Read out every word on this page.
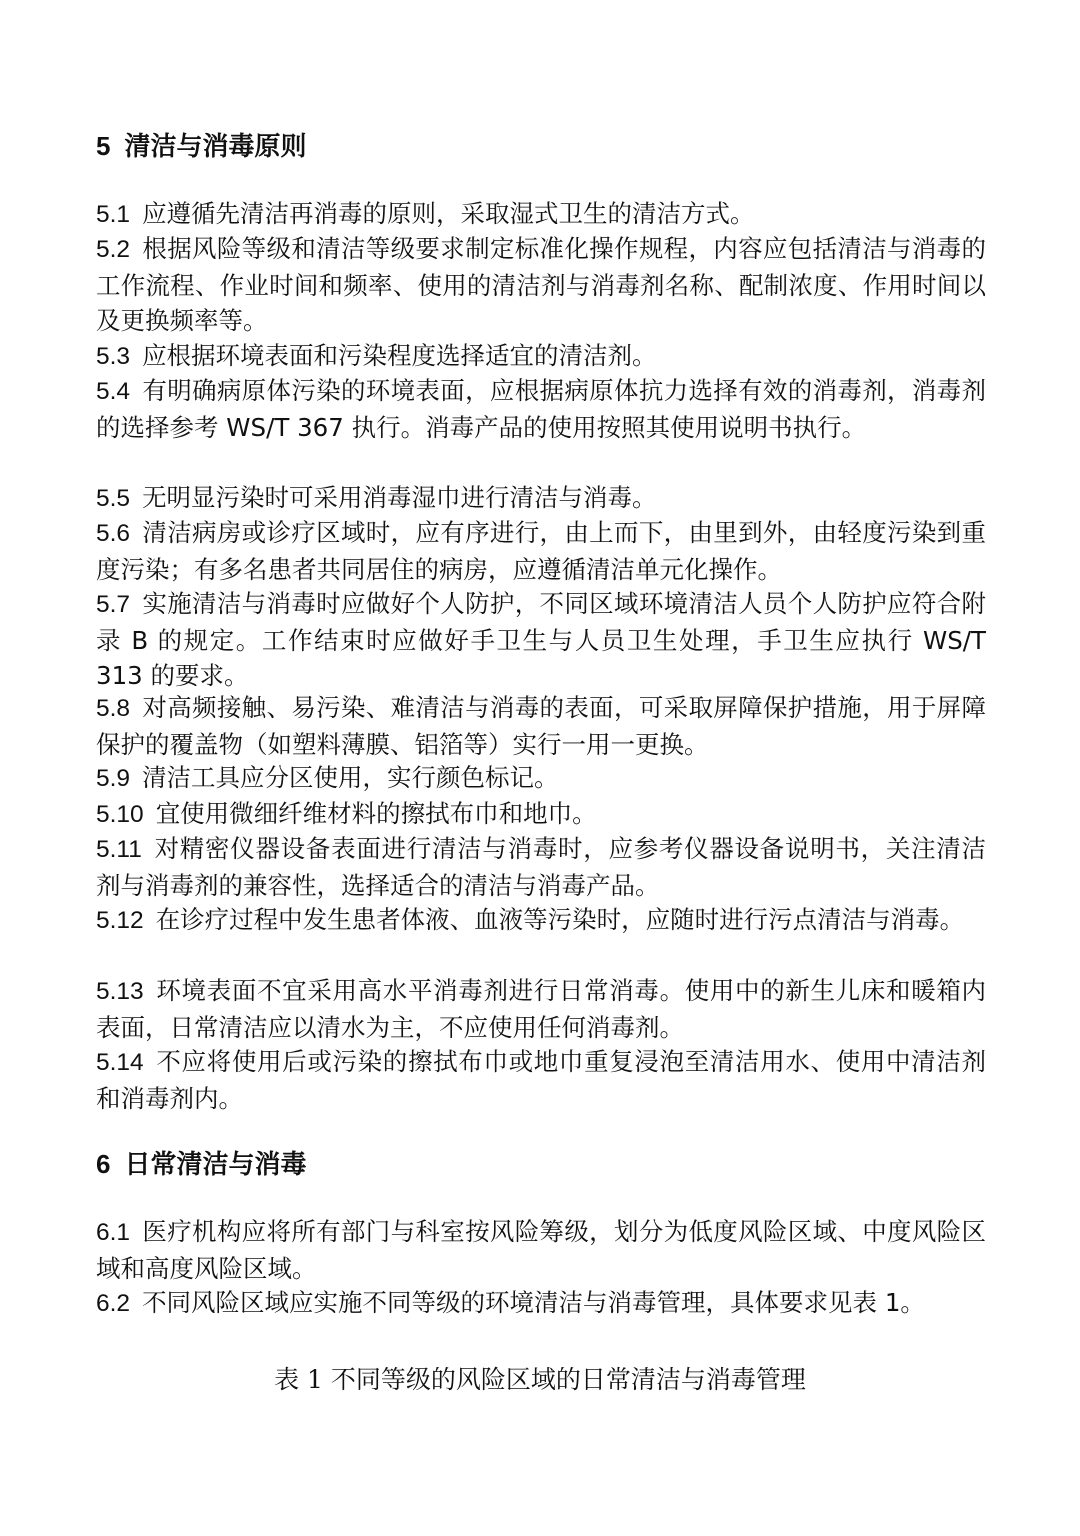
5 清洁与消毒原则

5.1 应遵循先清洁再消毒的原则，采取湿式卫生的清洁方式。

5.2 根据风险等级和清洁等级要求制定标准化操作规程，内容应包括清洁与消毒的工作流程、作业时间和频率、使用的清洁剂与消毒剂名称、配制浓度、作用时间以及更换频率等。

5.3 应根据环境表面和污染程度选择适宜的清洁剂。

5.4 有明确病原体污染的环境表面，应根据病原体抗力选择有效的消毒剂，消毒剂的选择参考 WS/T 367 执行。消毒产品的使用按照其使用说明书执行。

5.5 无明显污染时可采用消毒湿巾进行清洁与消毒。

5.6 清洁病房或诊疗区域时，应有序进行，由上而下，由里到外，由轻度污染到重度污染；有多名患者共同居住的病房，应遵循清洁单元化操作。

5.7 实施清洁与消毒时应做好个人防护，不同区域环境清洁人员个人防护应符合附录 B 的规定。工作结束时应做好手卫生与人员卫生处理，手卫生应执行 WS/T 313 的要求。

5.8 对高频接触、易污染、难清洁与消毒的表面，可采取屏障保护措施，用于屏障保护的覆盖物（如塑料薄膜、铝箔等）实行一用一更换。

5.9 清洁工具应分区使用，实行颜色标记。

5.10 宜使用微细纤维材料的擦拭布巾和地巾。

5.11 对精密仪器设备表面进行清洁与消毒时，应参考仪器设备说明书，关注清洁剂与消毒剂的兼容性，选择适合的清洁与消毒产品。

5.12 在诊疗过程中发生患者体液、血液等污染时，应随时进行污点清洁与消毒。

5.13 环境表面不宜采用高水平消毒剂进行日常消毒。使用中的新生儿床和暖箱内表面，日常清洁应以清水为主，不应使用任何消毒剂。

5.14 不应将使用后或污染的擦拭布巾或地巾重复浸泡至清洁用水、使用中清洁剂和消毒剂内。

6 日常清洁与消毒

6.1 医疗机构应将所有部门与科室按风险筹级，划分为低度风险区域、中度风险区域和高度风险区域。

6.2 不同风险区域应实施不同等级的环境清洁与消毒管理，具体要求见表 1。

表 1 不同等级的风险区域的日常清洁与消毒管理
